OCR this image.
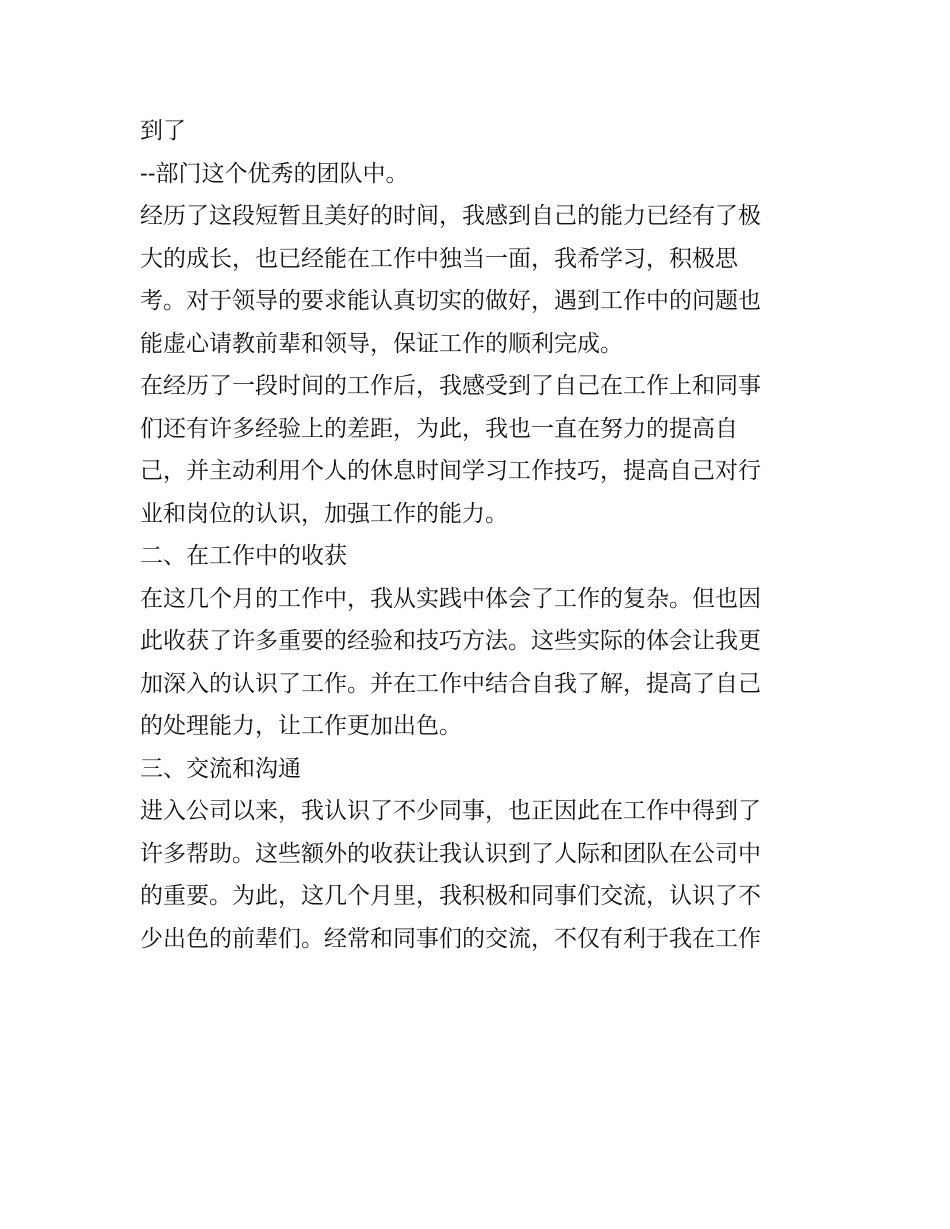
到了
--部门这个优秀的团队中。
经历了这段短暂且美好的时间，我感到自己的能力已经有了极
大的成长，也已经能在工作中独当一面，我希学习，积极思
考。对于领导的要求能认真切实的做好，遇到工作中的问题也
能虚心请教前辈和领导，保证工作的顺利完成。
在经历了一段时间的工作后，我感受到了自己在工作上和同事
们还有许多经验上的差距，为此，我也一直在努力的提高自
己，并主动利用个人的休息时间学习工作技巧，提高自己对行
业和岗位的认识，加强工作的能力。
二、在工作中的收获
在这几个月的工作中，我从实践中体会了工作的复杂。但也因
此收获了许多重要的经验和技巧方法。这些实际的体会让我更
加深入的认识了工作。并在工作中结合自我了解，提高了自己
的处理能力，让工作更加出色。
三、交流和沟通
进入公司以来，我认识了不少同事，也正因此在工作中得到了
许多帮助。这些额外的收获让我认识到了人际和团队在公司中
的重要。为此，这几个月里，我积极和同事们交流，认识了不
少出色的前辈们。经常和同事们的交流，不仅有利于我在工作
